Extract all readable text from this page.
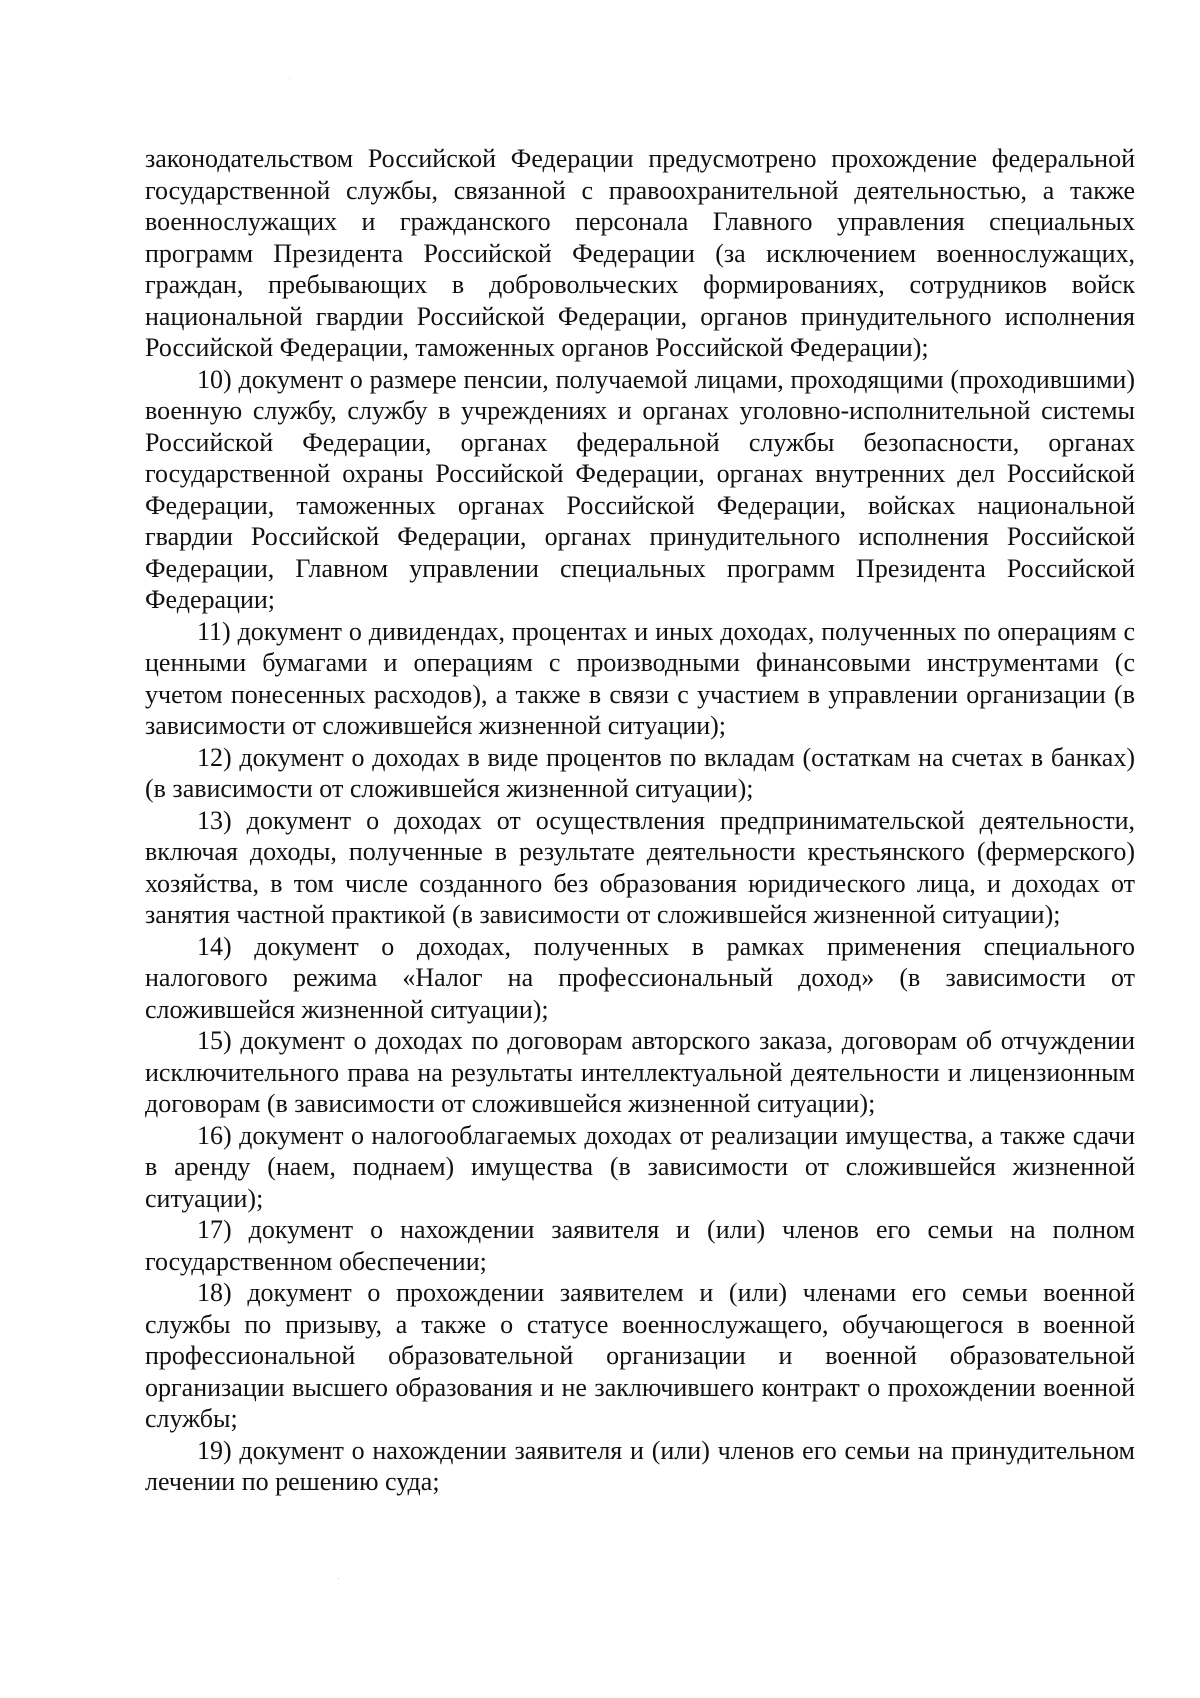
законодательством Российской Федерации предусмотрено прохождение федеральной государственной службы, связанной с правоохранительной деятельностью, а также военнослужащих и гражданского персонала Главного управления специальных программ Президента Российской Федерации (за исключением военнослужащих, граждан, пребывающих в добровольческих формированиях, сотрудников войск национальной гвардии Российской Федерации, органов принудительного исполнения Российской Федерации, таможенных органов Российской Федерации);

10) документ о размере пенсии, получаемой лицами, проходящими (проходившими) военную службу, службу в учреждениях и органах уголовно-исполнительной системы Российской Федерации, органах федеральной службы безопасности, органах государственной охраны Российской Федерации, органах внутренних дел Российской Федерации, таможенных органах Российской Федерации, войсках национальной гвардии Российской Федерации, органах принудительного исполнения Российской Федерации, Главном управлении специальных программ Президента Российской Федерации;

11) документ о дивидендах, процентах и иных доходах, полученных по операциям с ценными бумагами и операциям с производными финансовыми инструментами (с учетом понесенных расходов), а также в связи с участием в управлении организации (в зависимости от сложившейся жизненной ситуации);

12) документ о доходах в виде процентов по вкладам (остаткам на счетах в банках) (в зависимости от сложившейся жизненной ситуации);

13) документ о доходах от осуществления предпринимательской деятельности, включая доходы, полученные в результате деятельности крестьянского (фермерского) хозяйства, в том числе созданного без образования юридического лица, и доходах от занятия частной практикой (в зависимости от сложившейся жизненной ситуации);

14) документ о доходах, полученных в рамках применения специального налогового режима «Налог на профессиональный доход» (в зависимости от сложившейся жизненной ситуации);

15) документ о доходах по договорам авторского заказа, договорам об отчуждении исключительного права на результаты интеллектуальной деятельности и лицензионным договорам (в зависимости от сложившейся жизненной ситуации);

16) документ о налогооблагаемых доходах от реализации имущества, а также сдачи в аренду (наем, поднаем) имущества (в зависимости от сложившейся жизненной ситуации);

17) документ о нахождении заявителя и (или) членов его семьи на полном государственном обеспечении;

18) документ о прохождении заявителем и (или) членами его семьи военной службы по призыву, а также о статусе военнослужащего, обучающегося в военной профессиональной образовательной организации и военной образовательной организации высшего образования и не заключившего контракт о прохождении военной службы;

19) документ о нахождении заявителя и (или) членов его семьи на принудительном лечении по решению суда;
